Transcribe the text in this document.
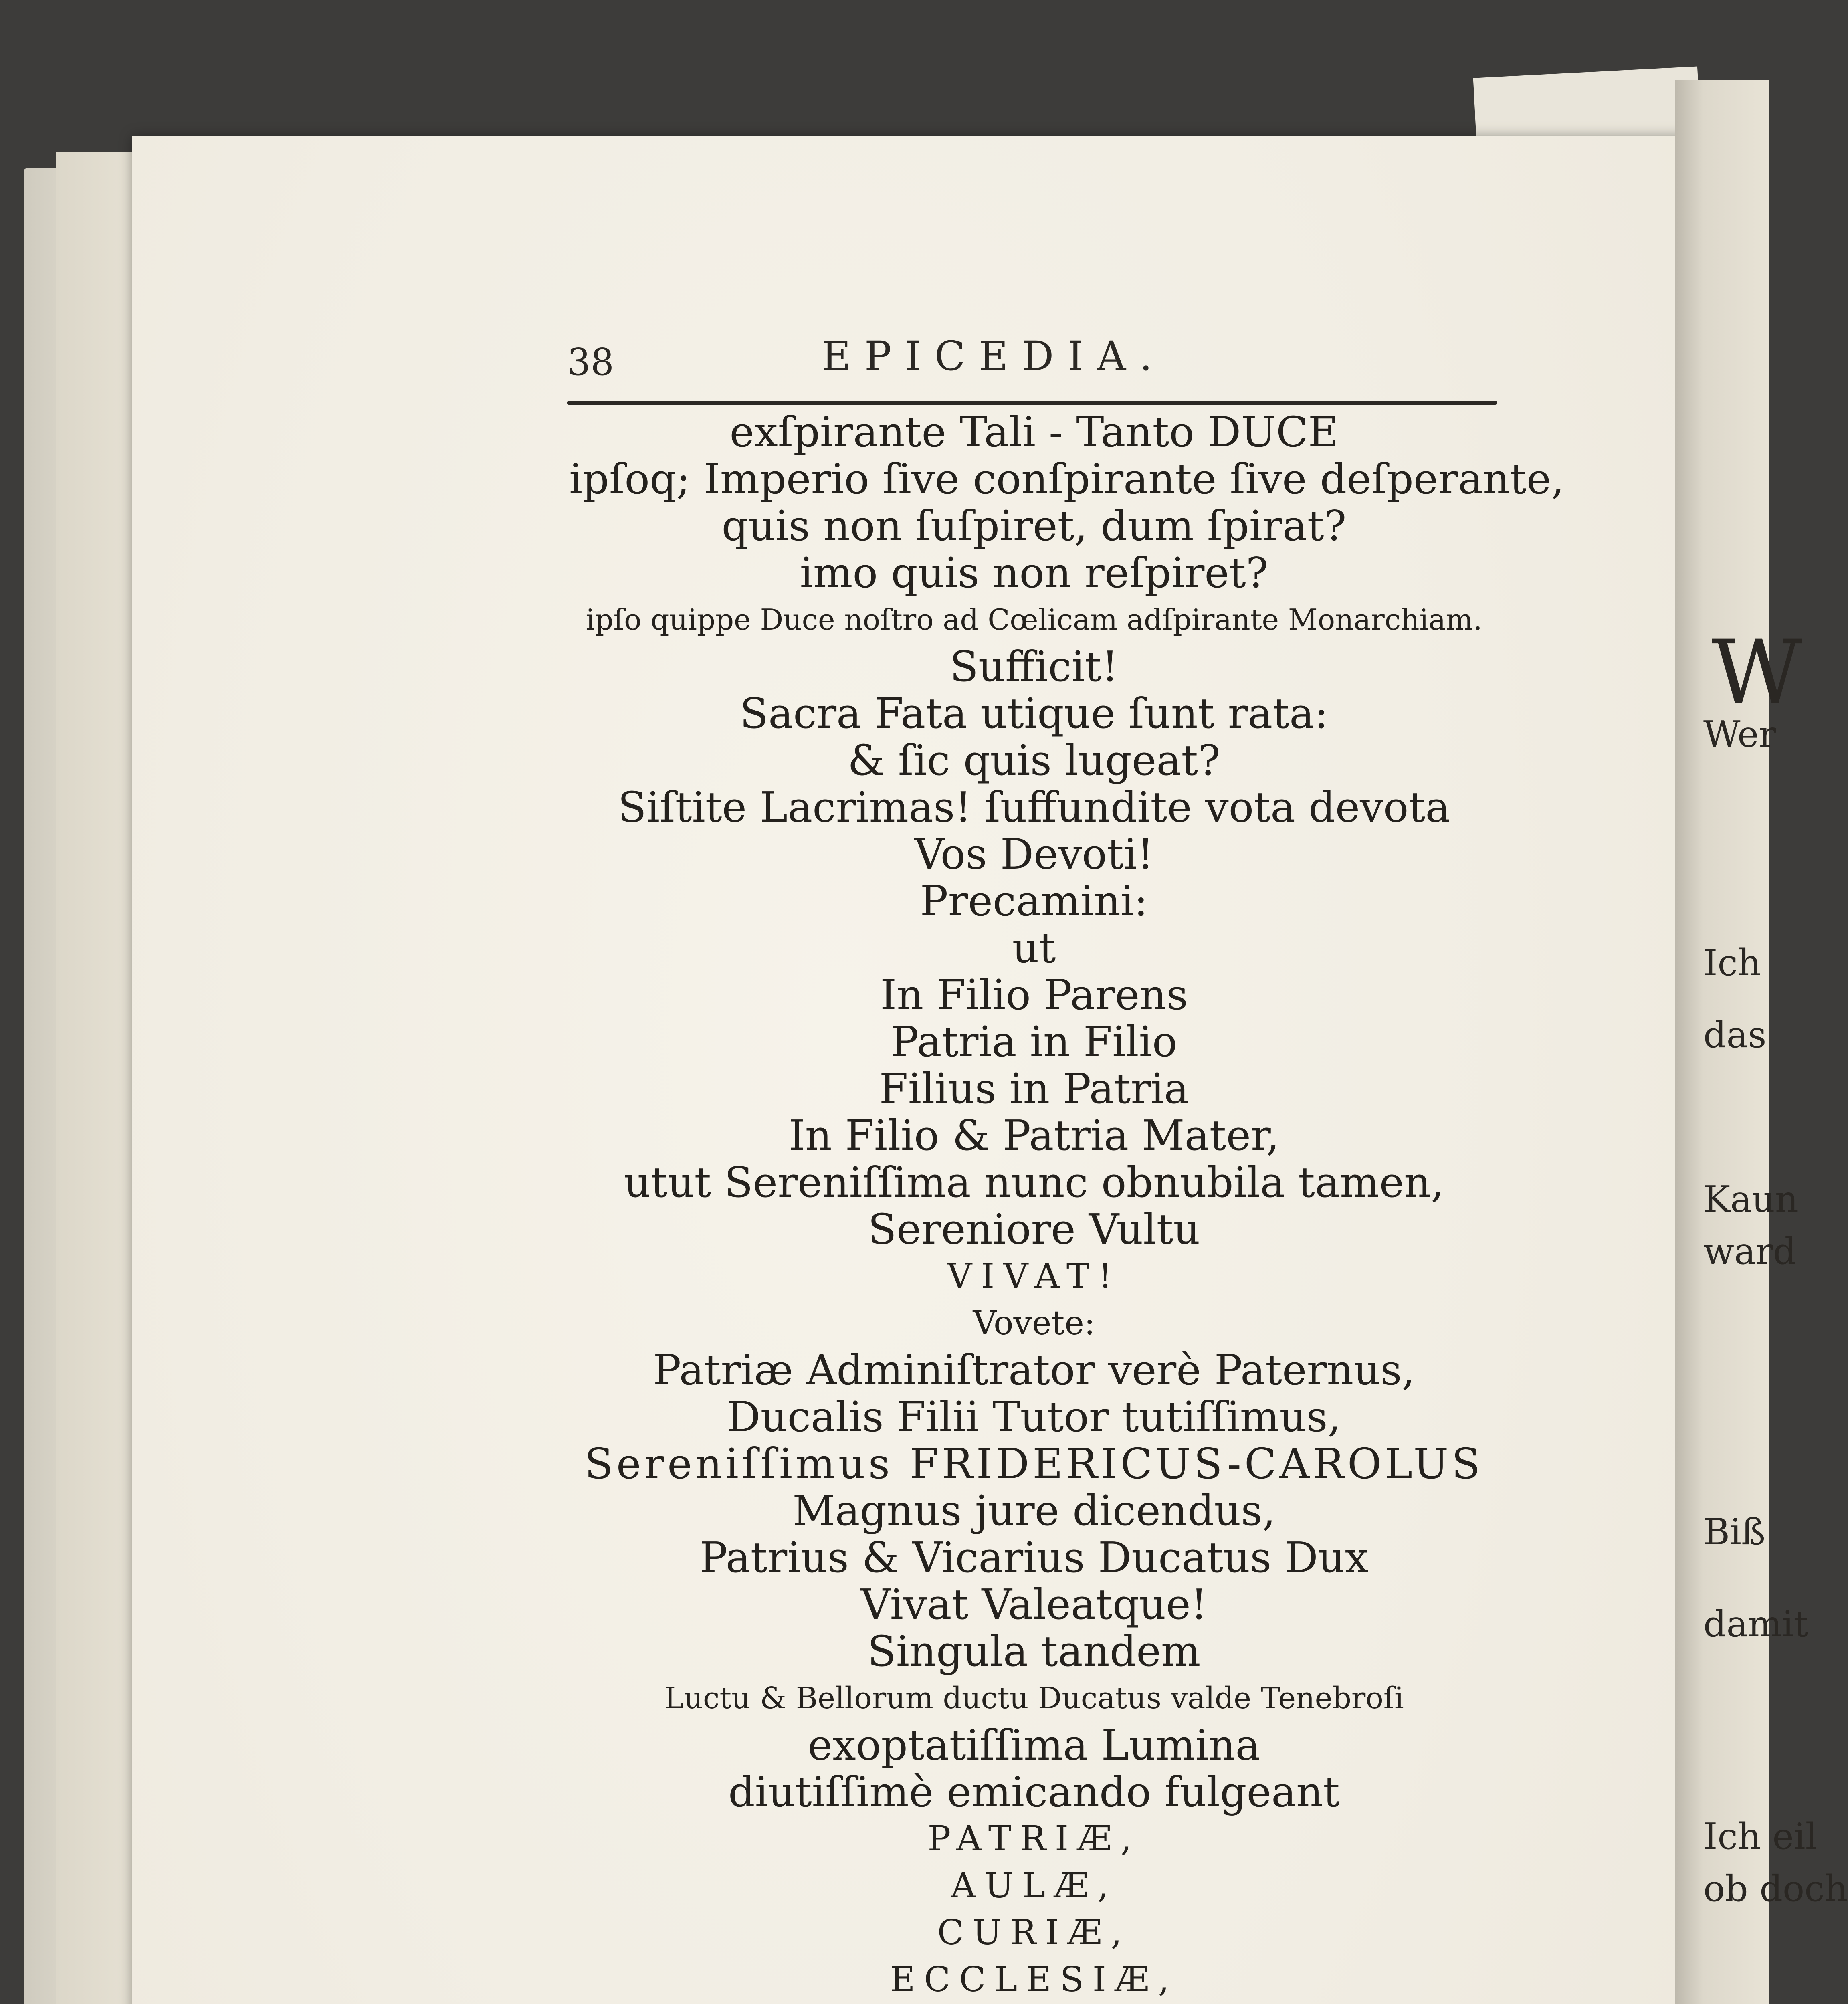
W
Wer
Ich
das
Kaun
ward
Biß
damit
Ich eil
ob doch
38	EPICEDIA.
exſpirante Tali - Tanto DUCE
ipſoq; Imperio ſive conſpirante ſive deſperante,
quis non ſuſpiret, dum ſpirat?
imo quis non reſpiret?
ipſo quippe Duce noſtro ad Cœlicam adſpirante Monarchiam.
Sufficit!
Sacra Fata utique ſunt rata:
& ſic quis lugeat?
Siſtite Lacrimas! ſuffundite vota devota
Vos Devoti!
Precamini:
ut
In Filio Parens
Patria in Filio
Filius in Patria
In Filio & Patria Mater,
utut Sereniſſima nunc obnubila tamen,
Sereniore Vultu
VIVAT!
Vovete:
Patriæ Adminiſtrator verè Paternus,
Ducalis Filii Tutor tutiſſimus,
Sereniſſimus FRIDERICUS-CAROLUS
Magnus jure dicendus,
Patrius & Vicarius Ducatus Dux
Vivat Valeatque!
Singula tandem
Luctu & Bellorum ductu Ducatus valde Tenebroſi
exoptatiſſima Lumina
diutiſſimè emicando fulgeant
PATRIÆ,
AULÆ,
CURIÆ,
ECCLESIÆ,
